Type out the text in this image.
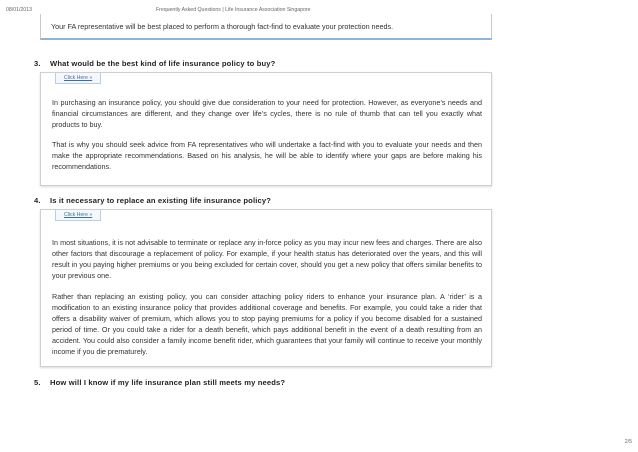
08/01/2013	Frequently Asked Questions | Life Insurance Association Singapore

Your FA representative will be best placed to perform a thorough fact-find to evaluate your protection needs.

3. What would be the best kind of life insurance policy to buy?
Click Here »

In purchasing an insurance policy, you should give due consideration to your need for protection. However, as everyone’s needs and financial circumstances are different, and they change over life’s cycles, there is no rule of thumb that can tell you exactly what products to buy.

That is why you should seek advice from FA representatives who will undertake a fact-find with you to evaluate your needs and then make the appropriate recommendations. Based on his analysis, he will be able to identify where your gaps are before making his recommendations.

4. Is it necessary to replace an existing life insurance policy?
Click Here »

In most situations, it is not advisable to terminate or replace any in-force policy as you may incur new fees and charges. There are also other factors that discourage a replacement of policy. For example, if your health status has deteriorated over the years, and this will result in you paying higher premiums or you being excluded for certain cover, should you get a new policy that offers similar benefits to your previous one.

Rather than replacing an existing policy, you can consider attaching policy riders to enhance your insurance plan. A ‘rider’ is a modification to an existing insurance policy that provides additional coverage and benefits. For example, you could take a rider that offers a disability waiver of premium, which allows you to stop paying premiums for a policy if you become disabled for a sustained period of time. Or you could take a rider for a death benefit, which pays additional benefit in the event of a death resulting from an accident. You could also consider a family income benefit rider, which guarantees that your family will continue to receive your monthly income if you die prematurely.

5. How will I know if my life insurance plan still meets my needs?
2/5
